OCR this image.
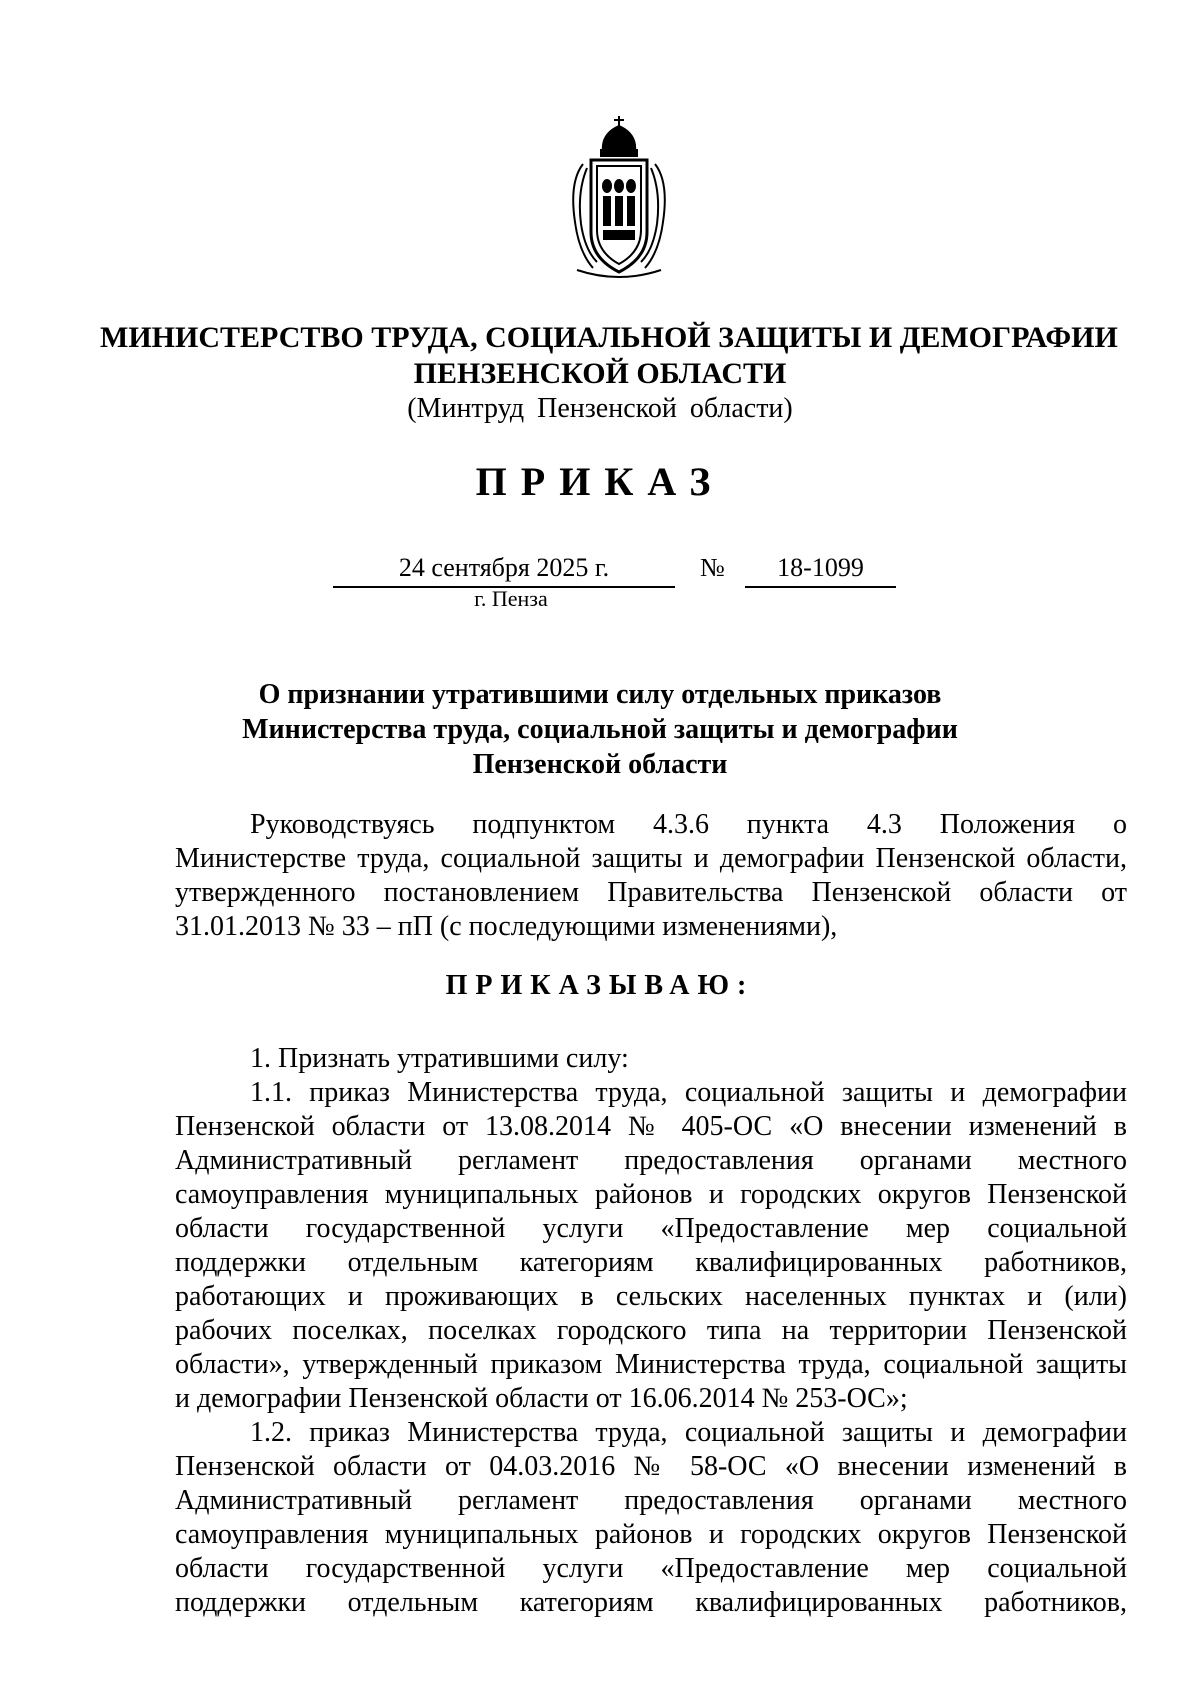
МИНИСТЕРСТВО ТРУДА, СОЦИАЛЬНОЙ ЗАЩИТЫ И ДЕМОГРАФИИ
ПЕНЗЕНСКОЙ ОБЛАСТИ
(Минтруд Пензенской области)
ПРИКАЗ
24 сентября 2025 г.	№	18-1099
г. Пенза
О признании утратившими силу отдельных приказов
Министерства труда, социальной защиты и демографии
Пензенской области
Руководствуясь подпунктом 4.3.6 пункта 4.3 Положения о
Министерстве труда, социальной защиты и демографии Пензенской области,
утвержденного постановлением Правительства Пензенской области от
31.01.2013 № 33 – пП (с последующими изменениями),
ПРИКАЗЫВАЮ:
1. Признать утратившими силу:
1.1. приказ Министерства труда, социальной защиты и демографии
Пензенской области от 13.08.2014 № 405-ОС «О внесении изменений в
Административный регламент предоставления органами местного
самоуправления муниципальных районов и городских округов Пензенской
области государственной услуги «Предоставление мер социальной
поддержки отдельным категориям квалифицированных работников,
работающих и проживающих в сельских населенных пунктах и (или)
рабочих поселках, поселках городского типа на территории Пензенской
области», утвержденный приказом Министерства труда, социальной защиты
и демографии Пензенской области от 16.06.2014 № 253-ОС»;
1.2. приказ Министерства труда, социальной защиты и демографии
Пензенской области от 04.03.2016 № 58-ОС «О внесении изменений в
Административный регламент предоставления органами местного
самоуправления муниципальных районов и городских округов Пензенской
области государственной услуги «Предоставление мер социальной
поддержки отдельным категориям квалифицированных работников,
